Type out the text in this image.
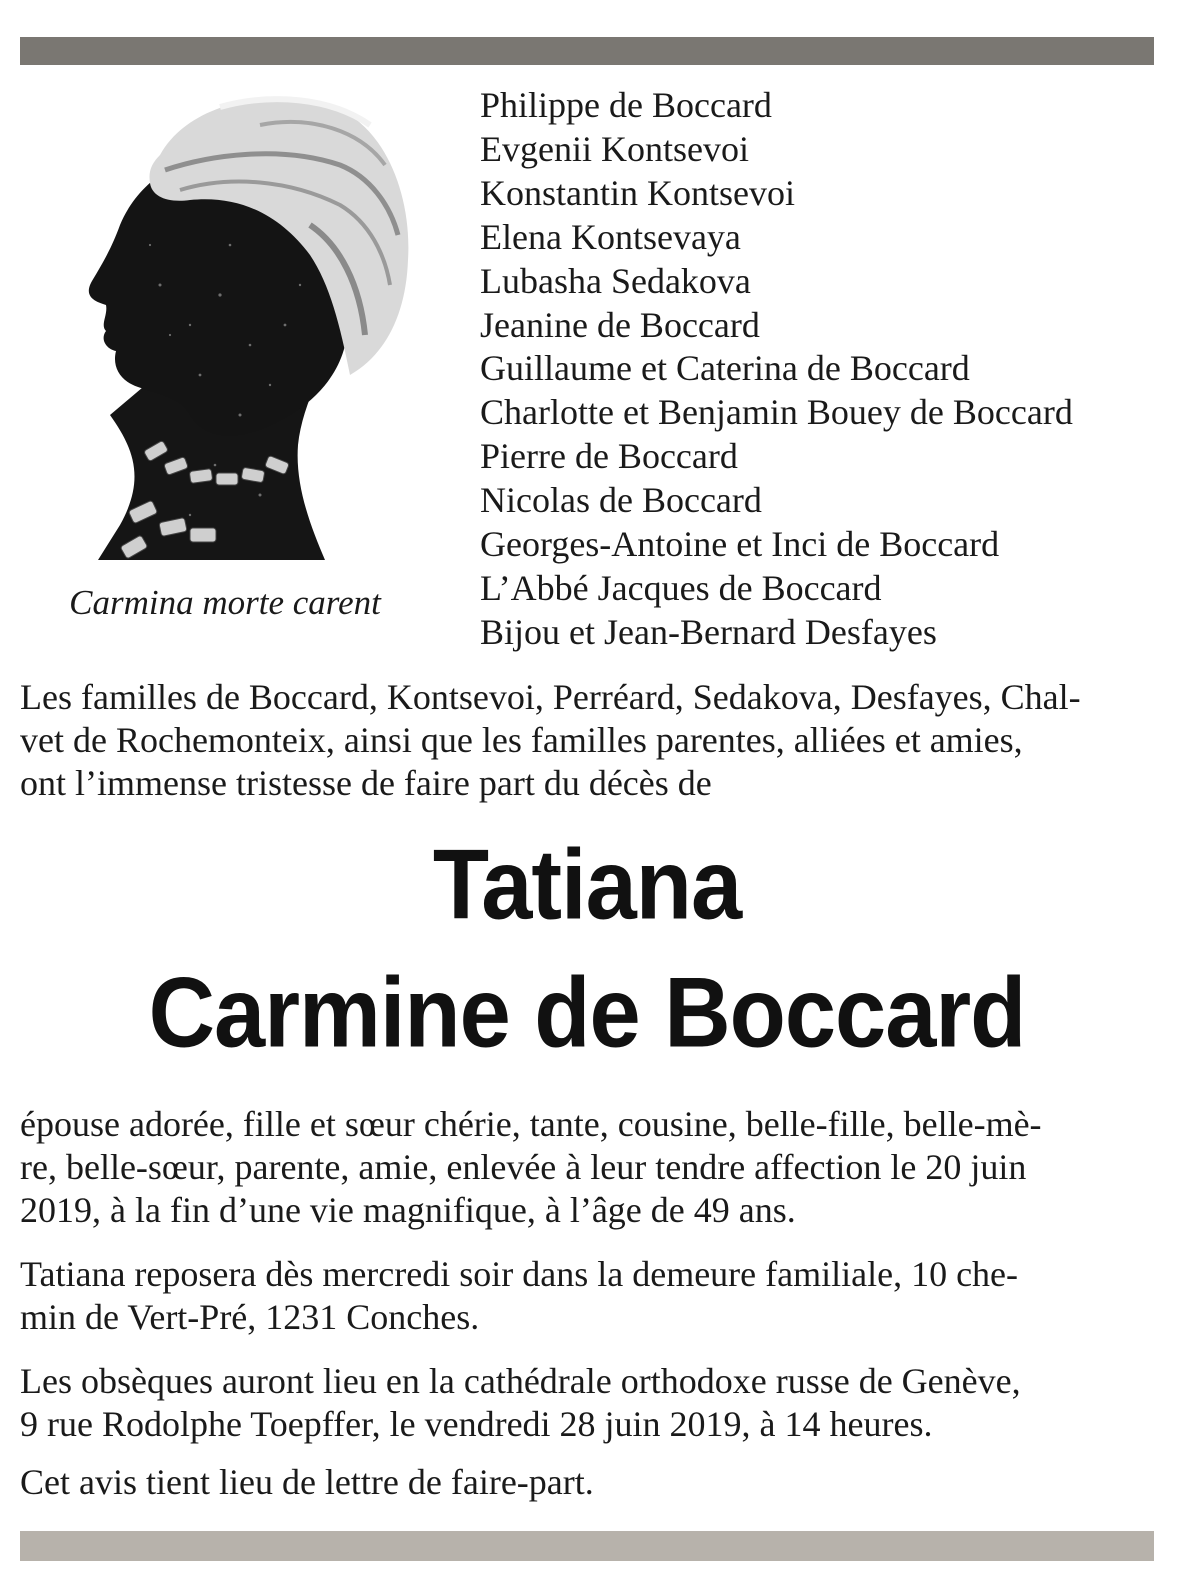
Carmina morte carent
Philippe de Boccard
Evgenii Kontsevoi
Konstantin Kontsevoi
Elena Kontsevaya
Lubasha Sedakova
Jeanine de Boccard
Guillaume et Caterina de Boccard
Charlotte et Benjamin Bouey de Boccard
Pierre de Boccard
Nicolas de Boccard
Georges-Antoine et Inci de Boccard
L’Abbé Jacques de Boccard
Bijou et Jean-Bernard Desfayes
Les familles de Boccard, Kontsevoi, Perréard, Sedakova, Desfayes, Chal-
vet de Rochemonteix, ainsi que les familles parentes, alliées et amies,
ont l’immense tristesse de faire part du décès de
Tatiana
Carmine de Boccard
épouse adorée, fille et sœur chérie, tante, cousine, belle-fille, belle-mè-
re, belle-sœur, parente, amie, enlevée à leur tendre affection le 20 juin
2019, à la fin d’une vie magnifique, à l’âge de 49 ans.
Tatiana reposera dès mercredi soir dans la demeure familiale, 10 che-
min de Vert-Pré, 1231 Conches.
Les obsèques auront lieu en la cathédrale orthodoxe russe de Genève,
9 rue Rodolphe Toepffer, le vendredi 28 juin 2019, à 14 heures.
Cet avis tient lieu de lettre de faire-part.
